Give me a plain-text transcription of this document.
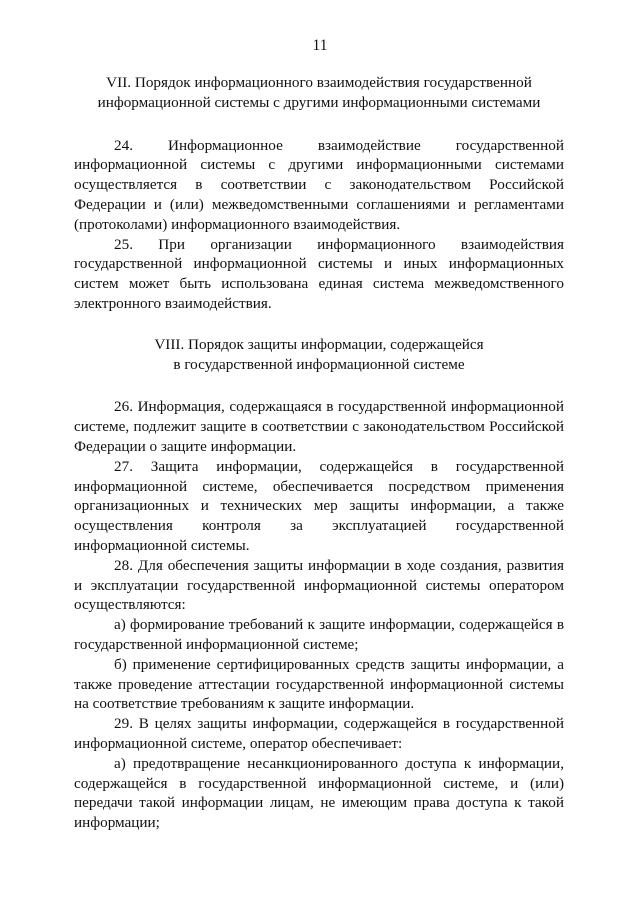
11
VII. Порядок информационного взаимодействия государственной
информационной системы с другими информационными системами

24. Информационное взаимодействие государственной информационной системы с другими информационными системами осуществляется в соответствии с законодательством Российской Федерации и (или) межведомственными соглашениями и регламентами (протоколами) информационного взаимодействия.

25. При организации информационного взаимодействия государственной информационной системы и иных информационных систем может быть использована единая система межведомственного электронного взаимодействия.

VIII. Порядок защиты информации, содержащейся
в государственной информационной системе

26. Информация, содержащаяся в государственной информационной системе, подлежит защите в соответствии с законодательством Российской Федерации о защите информации.

27. Защита информации, содержащейся в государственной информационной системе, обеспечивается посредством применения организационных и технических мер защиты информации, а также осуществления контроля за эксплуатацией государственной информационной системы.

28. Для обеспечения защиты информации в ходе создания, развития и эксплуатации государственной информационной системы оператором осуществляются:

а) формирование требований к защите информации, содержащейся в государственной информационной системе;

б) применение сертифицированных средств защиты информации, а также проведение аттестации государственной информационной системы на соответствие требованиям к защите информации.

29. В целях защиты информации, содержащейся в государственной информационной системе, оператор обеспечивает:

а) предотвращение несанкционированного доступа к информации, содержащейся в государственной информационной системе, и (или) передачи такой информации лицам, не имеющим права доступа к такой информации;
